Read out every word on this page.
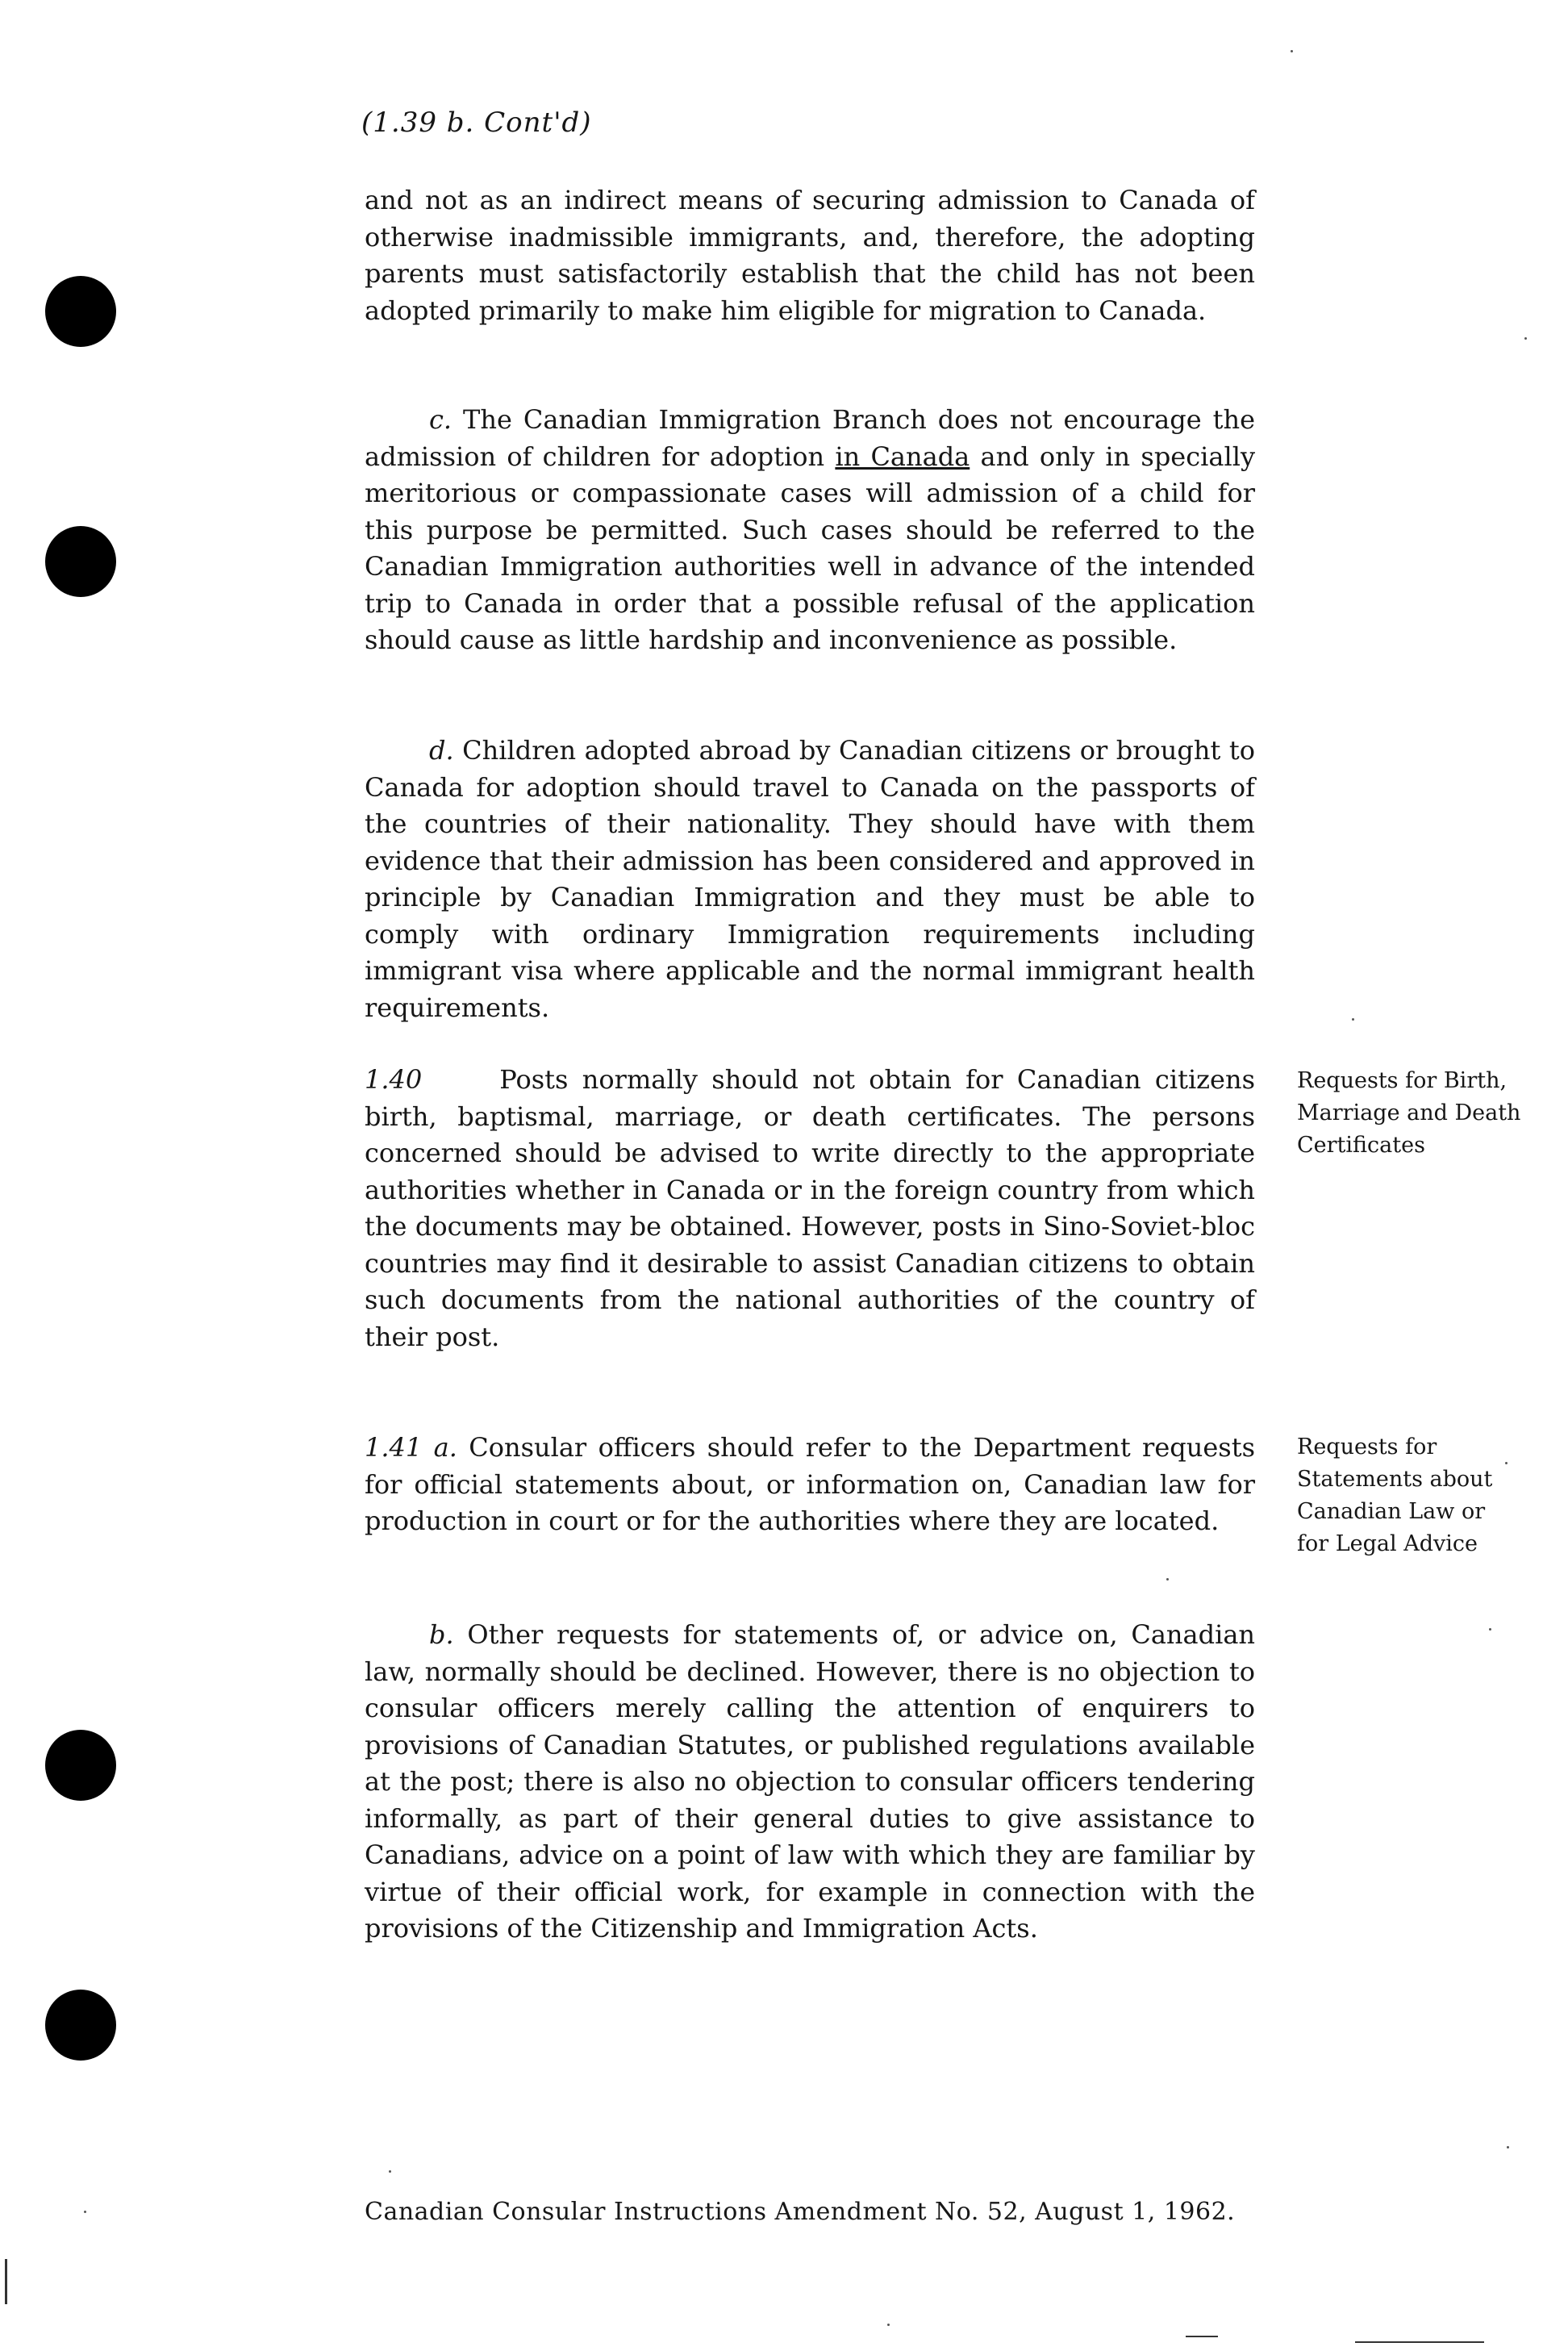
(1.39 b. Cont'd)

and not as an indirect means of securing admission to Canada of otherwise inadmissible immigrants, and, therefore, the adopting parents must satisfactorily establish that the child has not been adopted primarily to make him eligible for migration to Canada.

c. The Canadian Immigration Branch does not encourage the admission of children for adoption in Canada and only in specially meritorious or compassionate cases will admission of a child for this purpose be permitted. Such cases should be referred to the Canadian Immigration authorities well in advance of the intended trip to Canada in order that a possible refusal of the application should cause as little hardship and inconvenience as possible.

d. Children adopted abroad by Canadian citizens or brought to Canada for adoption should travel to Canada on the passports of the countries of their nationality. They should have with them evidence that their admission has been considered and approved in principle by Canadian Immigration and they must be able to comply with ordinary Immigration requirements including immigrant visa where applicable and the normal immigrant health requirements.

1.40	Posts normally should not obtain for Canadian citizens birth, baptismal, marriage, or death certificates. The persons concerned should be advised to write directly to the appropriate authorities whether in Canada or in the foreign country from which the documents may be obtained. However, posts in Sino-Soviet-bloc countries may find it desirable to assist Canadian citizens to obtain such documents from the national authorities of the country of their post.

Requests for Birth, Marriage and Death Certificates

1.41 a. Consular officers should refer to the Department requests for official statements about, or information on, Canadian law for production in court or for the authorities where they are located.

Requests for Statements about Canadian Law or for Legal Advice

b. Other requests for statements of, or advice on, Canadian law, normally should be declined. However, there is no objection to consular officers merely calling the attention of enquirers to provisions of Canadian Statutes, or published regulations available at the post; there is also no objection to consular officers tendering informally, as part of their general duties to give assistance to Canadians, advice on a point of law with which they are familiar by virtue of their official work, for example in connection with the provisions of the Citizenship and Immigration Acts.

Canadian Consular Instructions Amendment No. 52, August 1, 1962.
